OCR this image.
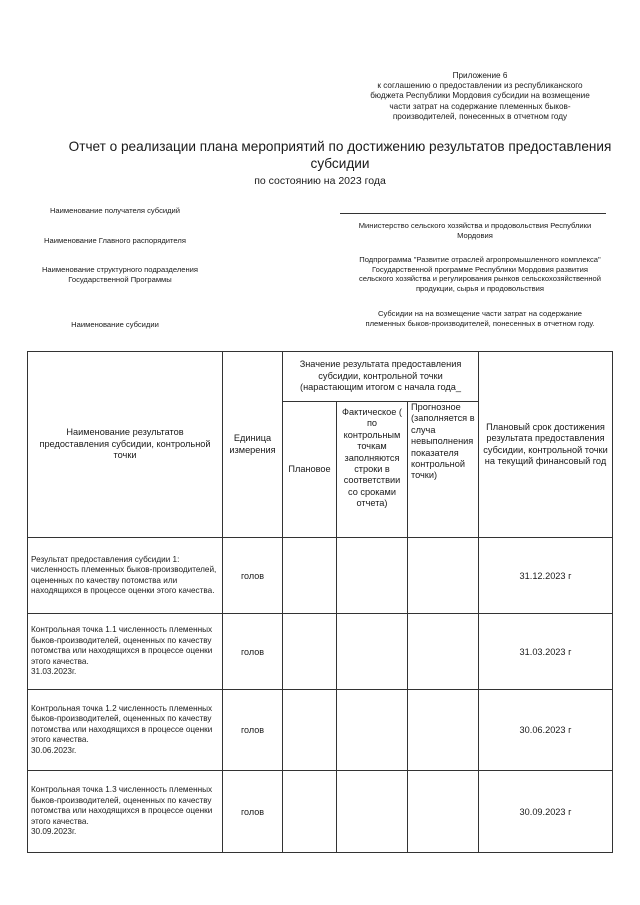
Приложение 6
к соглашению о предоставлении из республиканского
бюджета Республики Мордовия субсидии на возмещение
части затрат на содержание племенных быков-
производителей, понесенных в отчетном году
Отчет о реализации плана мероприятий по достижению результатов предоставления
субсидии
по состоянию на 2023 года
Наименование получателя субсидий
Наименование Главного распорядителя
Министерство сельского хозяйства и продовольствия Республики
Мордовия
Наименование структурного подразделения
Государственной Программы
Подпрограмма "Развитие отраслей агропромышленного комплекса"
Государственной программе Республики Мордовия развития
сельского хозяйства и регулирования рынков сельскохозяйственной
продукции, сырья и продовольствия
Наименование субсидии
Субсидии на на возмещение части затрат на содержание
племенных быков-производителей, понесенных в отчетном году.
Наименование результатов предоставления субсидии, контрольной точки	Единица измерения	Значение результата предоставления субсидии, контрольной точки (нарастающим итогом с начала года_			Плановый срок достижения результата предоставления субсидии, контрольной точки на текущий финансовый год
		Плановое	Фактическое ( по контрольным точкам заполняются строки в соответствии со сроками отчета)	Прогнозное (заполняется в случа невыполнения показателя контрольной точки)	
Результат предоставления субсидии 1: численность племенных быков-производителей, оцененных по качеству потомства или находящихся в процессе оценки этого качества.	голов				31.12.2023 г

Контрольная точка 1.1 численность племенных быков-производителей, оцененных по качеству потомства или находящихся в процессе оценки этого качества.
31.03.2023г.	голов				31.03.2023 г

Контрольная точка 1.2 численность племенных быков-производителей, оцененных по качеству потомства или находящихся в процессе оценки этого качества.
30.06.2023г.	голов				30.06.2023 г

Контрольная точка 1.3 численность племенных быков-производителей, оцененных по качеству потомства или находящихся в процессе оценки этого качества.
30.09.2023г.	голов				30.09.2023 г
